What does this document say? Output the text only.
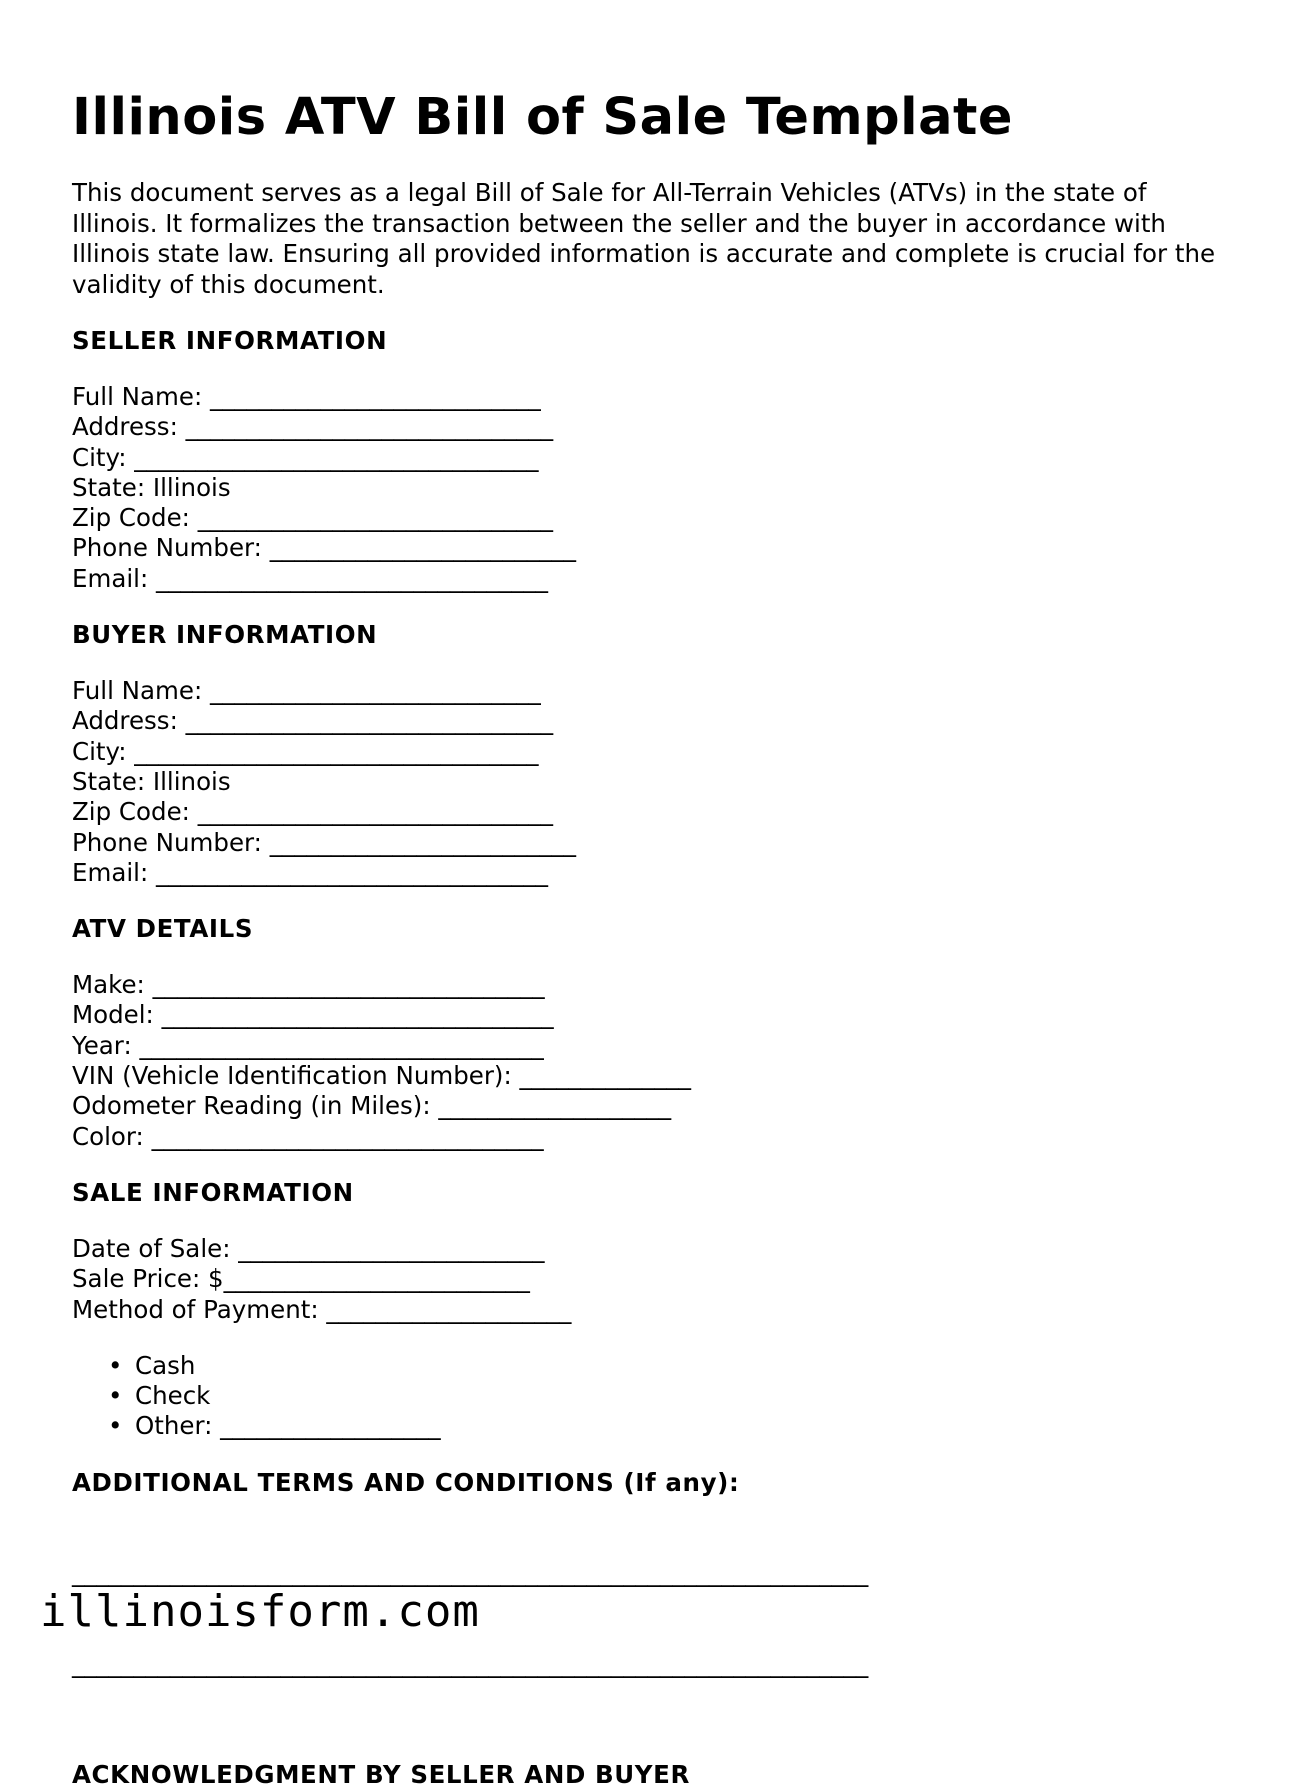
Illinois ATV Bill of Sale Template

This document serves as a legal Bill of Sale for All-Terrain Vehicles (ATVs) in the state of Illinois. It formalizes the transaction between the seller and the buyer in accordance with Illinois state law. Ensuring all provided information is accurate and complete is crucial for the validity of this document.

SELLER INFORMATION
Full Name: ___________________________
Address: ______________________________
City: _________________________________
State: Illinois
Zip Code: _____________________________
Phone Number: _________________________
Email: ________________________________
BUYER INFORMATION
Full Name: ___________________________
Address: ______________________________
City: _________________________________
State: Illinois
Zip Code: _____________________________
Phone Number: _________________________
Email: ________________________________
ATV DETAILS
Make: ________________________________
Model: ________________________________
Year: _________________________________
VIN (Vehicle Identification Number): ______________
Odometer Reading (in Miles): ___________________
Color: ________________________________
SALE INFORMATION
Date of Sale: _________________________
Sale Price: $_________________________
Method of Payment: ____________________
• Cash
• Check
• Other: __________________
ADDITIONAL TERMS AND CONDITIONS (If any):

_________________________________________________________________

_________________________________________________________________

ACKNOWLEDGMENT BY SELLER AND BUYER
illinoisform.com
